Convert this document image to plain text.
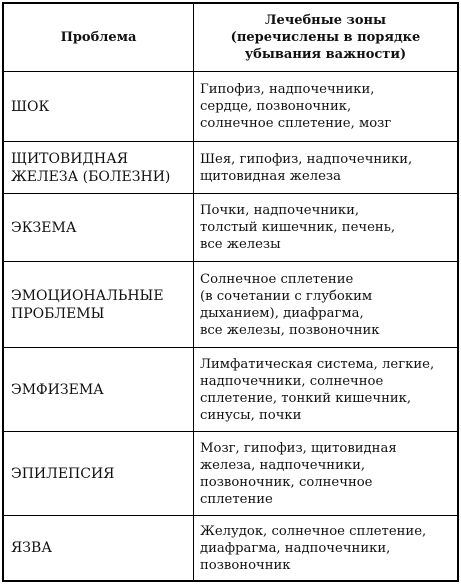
Проблема
Лечебные зоны
(перечислены в порядке
убывания важности)
ШОК
Гипофиз, надпочечники,
сердце, позвоночник,
солнечное сплетение, мозг
ЩИТОВИДНАЯ
ЖЕЛЕЗА (БОЛЕЗНИ)
Шея, гипофиз, надпочечники,
щитовидная железа
ЭКЗЕМА
Почки, надпочечники,
толстый кишечник, печень,
все железы
ЭМОЦИОНАЛЬНЫЕ
ПРОБЛЕМЫ
Солнечное сплетение
(в сочетании с глубоким
дыханием), диафрагма,
все железы, позвоночник
ЭМФИЗЕМА
Лимфатическая система, легкие,
надпочечники, солнечное
сплетение, тонкий кишечник,
синусы, почки
ЭПИЛЕПСИЯ
Мозг, гипофиз, щитовидная
железа, надпочечники,
позвоночник, солнечное
сплетение
ЯЗВА
Желудок, солнечное сплетение,
диафрагма, надпочечники,
позвоночник
